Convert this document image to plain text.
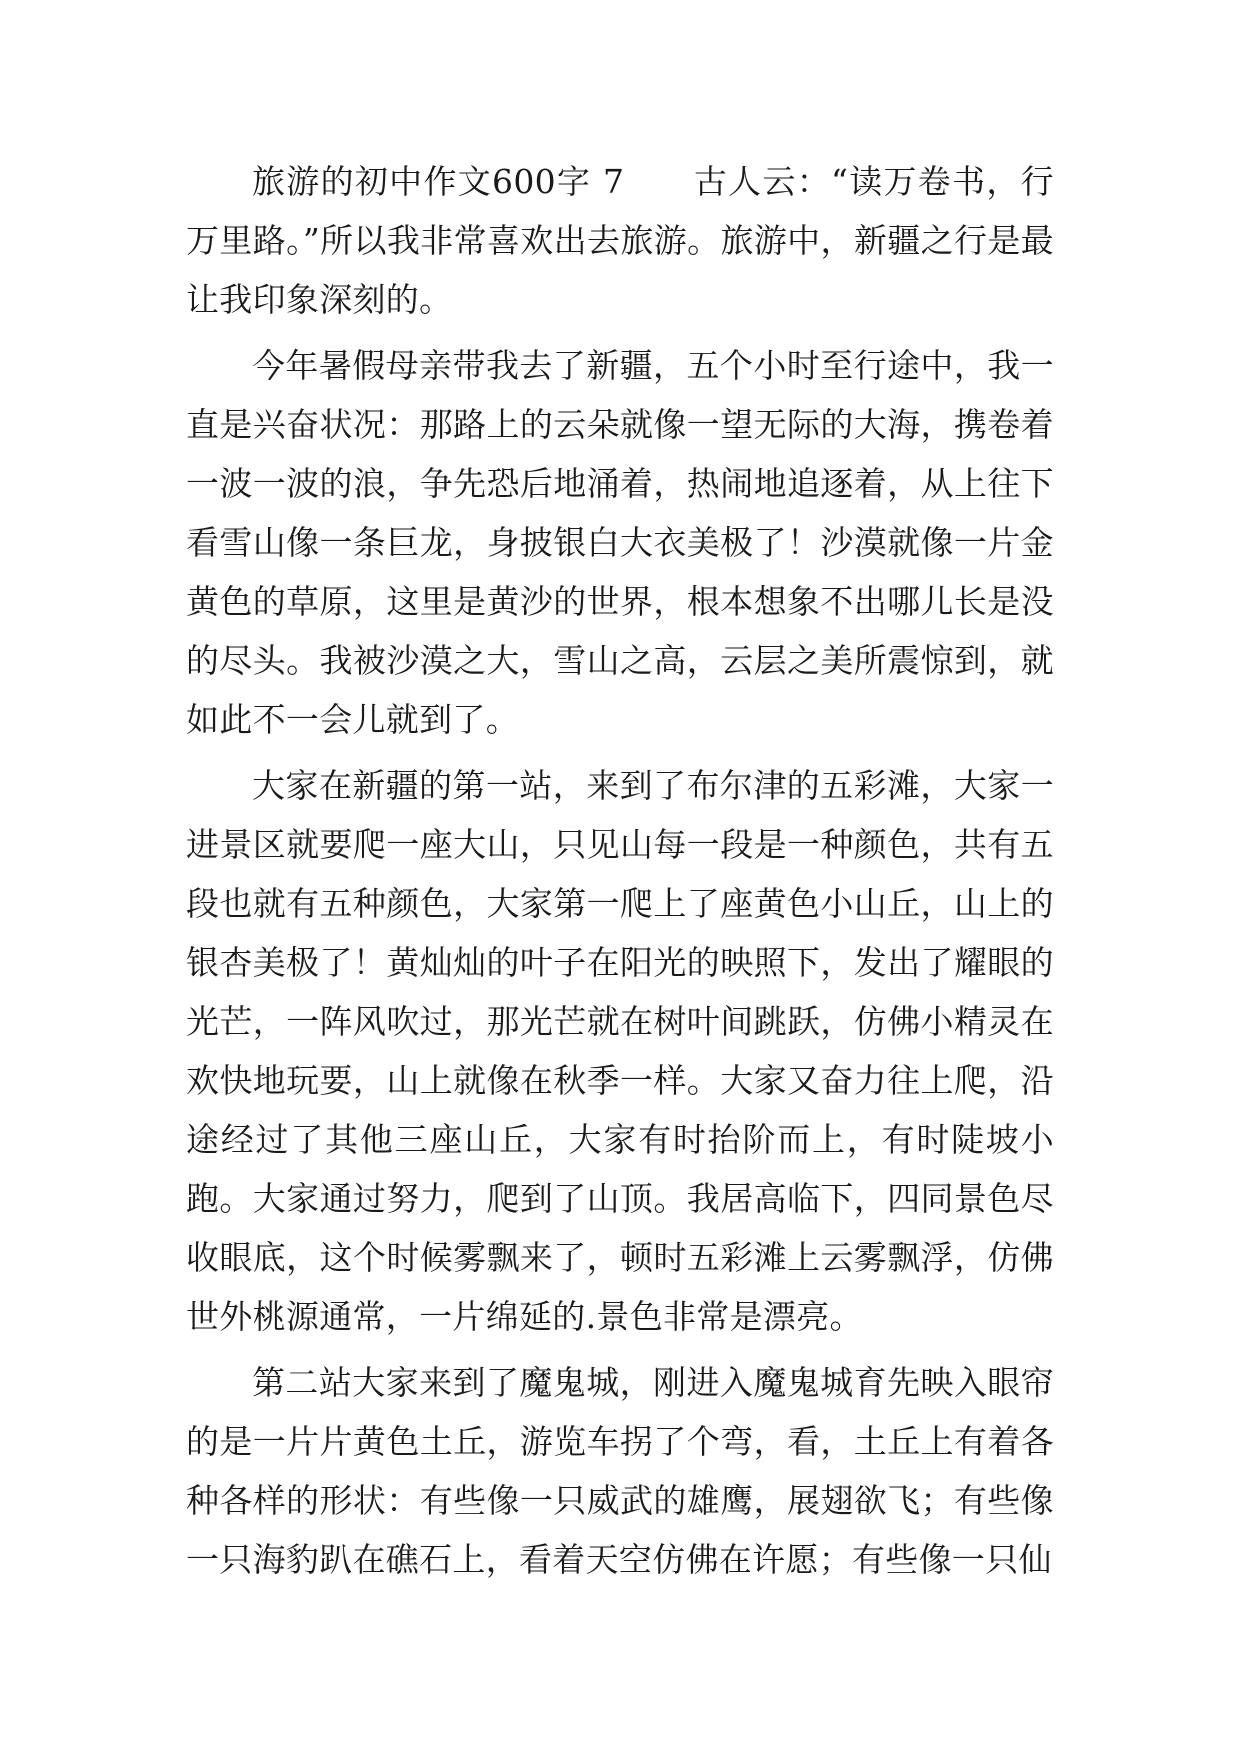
旅游的初中作文600字 7　　古人云：“读万卷书，行万里路。”所以我非常喜欢出去旅游。旅游中，新疆之行是最让我印象深刻的。

今年暑假母亲带我去了新疆，五个小时至行途中，我一直是兴奋状况：那路上的云朵就像一望无际的大海，携卷着一波一波的浪，争先恐后地涌着，热闹地追逐着，从上往下看雪山像一条巨龙，身披银白大衣美极了！沙漠就像一片金黄色的草原，这里是黄沙的世界，根本想象不出哪儿长是没的尽头。我被沙漠之大，雪山之高，云层之美所震惊到，就如此不一会儿就到了。

大家在新疆的第一站，来到了布尔津的五彩滩，大家一进景区就要爬一座大山，只见山每一段是一种颜色，共有五段也就有五种颜色，大家第一爬上了座黄色小山丘，山上的银杏美极了！黄灿灿的叶子在阳光的映照下，发出了耀眼的光芒，一阵风吹过，那光芒就在树叶间跳跃，仿佛小精灵在欢快地玩要，山上就像在秋季一样。大家又奋力往上爬，沿途经过了其他三座山丘，大家有时抬阶而上，有时陡坡小跑。大家通过努力，爬到了山顶。我居高临下，四同景色尽收眼底，这个时候雾飘来了，顿时五彩滩上云雾飘浮，仿佛世外桃源通常，一片绵延的.景色非常是漂亮。

第二站大家来到了魔鬼城，刚进入魔鬼城育先映入眼帘的是一片片黄色土丘，游览车拐了个弯，看，土丘上有着各种各样的形状：有些像一只威武的雄鹰，展翅欲飞；有些像一只海豹趴在礁石上，看着天空仿佛在许愿；有些像一只仙
